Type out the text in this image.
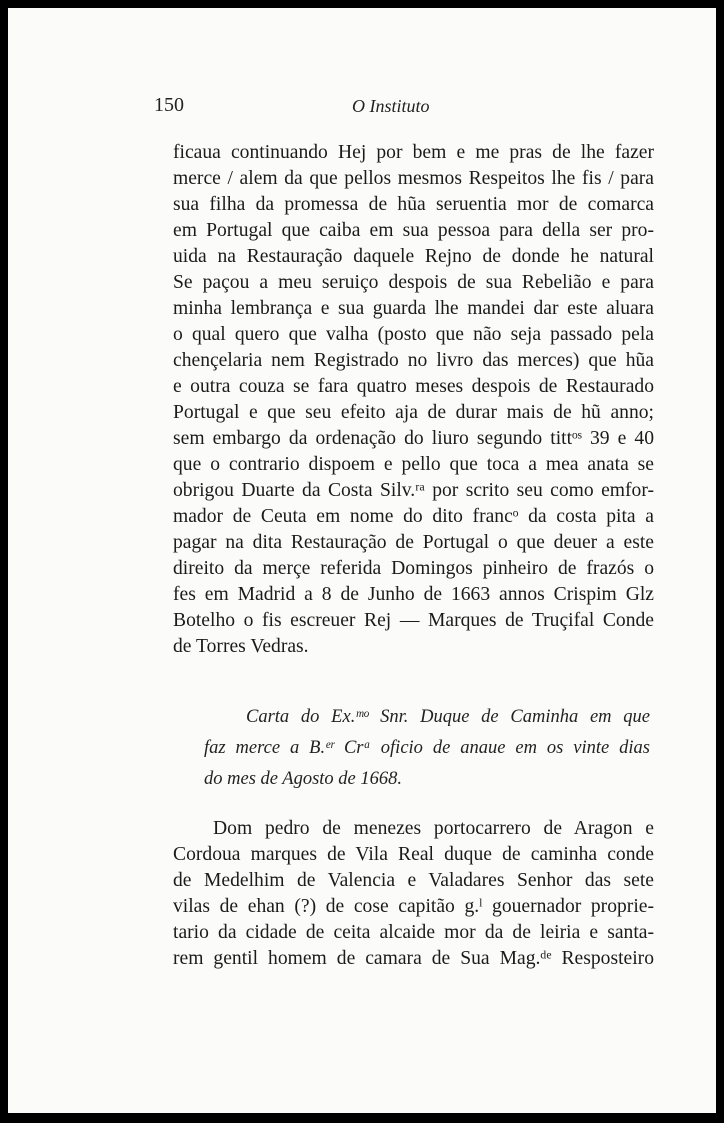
150	O Instituto
ficaua continuando Hej por bem e me pras de lhe fazer
merce / alem da que pellos mesmos Respeitos lhe fis / para
sua filha da promessa de hũa seruentia mor de comarca
em Portugal que caiba em sua pessoa para della ser pro-
uida na Restauração daquele Rejno de donde he natural
Se paçou a meu seruiço despois de sua Rebelião e para
minha lembrança e sua guarda lhe mandei dar este aluara
o qual quero que valha (posto que não seja passado pela
chençelaria nem Registrado no livro das merces) que hũa
e outra couza se fara quatro meses despois de Restaurado
Portugal e que seu efeito aja de durar mais de hũ anno;
sem embargo da ordenação do liuro segundo tittᵒˢ 39 e 40
que o contrario dispoem e pello que toca a mea anata se
obrigou Duarte da Costa Silv.ʳᵃ por scrito seu como emfor-
mador de Ceuta em nome do dito francᵒ da costa pita a
pagar na dita Restauração de Portugal o que deuer a este
direito da merçe referida Domingos pinheiro de frazós o
fes em Madrid a 8 de Junho de 1663 annos Crispim Glz
Botelho o fis escreuer Rej — Marques de Truçifal Conde
de Torres Vedras.
Carta do Ex.ᵐᵒ Snr. Duque de Caminha em que
faz merce a B.ᵉʳ Crᵃ oficio de anaue em os vinte dias
do mes de Agosto de 1668.
Dom pedro de menezes portocarrero de Aragon e
Cordoua marques de Vila Real duque de caminha conde
de Medelhim de Valencia e Valadares Senhor das sete
vilas de ehan (?) de cose capitão g.ˡ gouernador proprie-
tario da cidade de ceita alcaide mor da de leiria e santa-
rem gentil homem de camara de Sua Mag.ᵈᵉ Resposteiro
